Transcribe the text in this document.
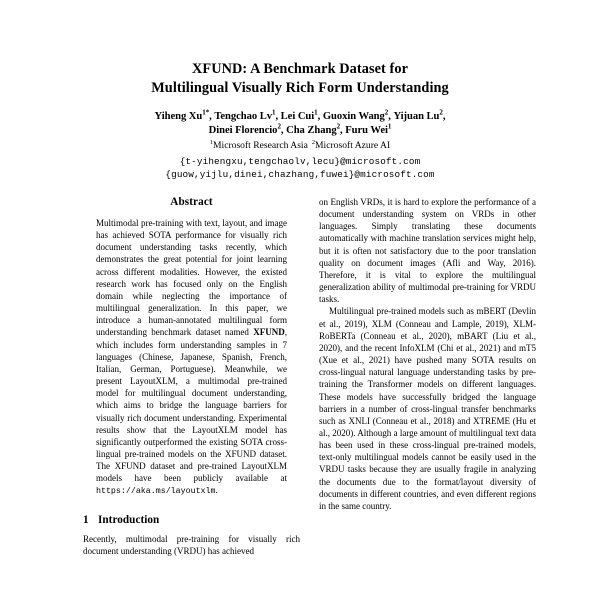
XFUND: A Benchmark Dataset for
Multilingual Visually Rich Form Understanding
Yiheng $Xu^{1*}$, Tengchao Lv$^1$, Lei Cui$^1$, Guoxin Wang$^2$, Yijuan Lu$^2$,
Dinei Florencio$^2$, Cha Zhang$^2$, Furu Wei$^1$
$^1$Microsoft Research Asia $^2$Microsoft Azure AI
{t-yihengxu,tengchaolv,lecu}@microsoft.com
{guow,yijlu,dinei,chazhang,fuwei}@microsoft.com
Abstract

Multimodal pre-training with text, layout, and image has achieved SOTA performance for visually rich document understanding tasks recently, which demonstrates the great potential for joint learning across different modalities. However, the existed research work has focused only on the English domain while neglecting the importance of multilingual generalization. In this paper, we introduce a human-annotated multilingual form understanding benchmark dataset named XFUND, which includes form understanding samples in 7 languages (Chinese, Japanese, Spanish, French, Italian, German, Portuguese). Meanwhile, we present LayoutXLM, a multimodal pre-trained model for multilingual document understanding, which aims to bridge the language barriers for visually rich document understanding. Experimental results show that the LayoutXLM model has significantly outperformed the existing SOTA cross-lingual pre-trained models on the XFUND dataset. The XFUND dataset and pre-trained LayoutXLM models have been publicly available at https://aka.ms/layoutxlm.

1 Introduction

Recently, multimodal pre-training for visually rich document understanding (VRDU) has achieved

on English VRDs, it is hard to explore the performance of a document understanding system on VRDs in other languages. Simply translating these documents automatically with machine translation services might help, but it is often not satisfactory due to the poor translation quality on document images (Afli and Way, 2016). Therefore, it is vital to explore the multilingual generalization ability of multimodal pre-training for VRDU tasks.

Multilingual pre-trained models such as mBERT (Devlin et al., 2019), XLM (Conneau and Lample, 2019), XLM-RoBERTa (Conneau et al., 2020), mBART (Liu et al., 2020), and the recent InfoXLM (Chi et al., 2021) and mT5 (Xue et al., 2021) have pushed many SOTA results on cross-lingual natural language understanding tasks by pre-training the Transformer models on different languages. These models have successfully bridged the language barriers in a number of cross-lingual transfer benchmarks such as XNLI (Conneau et al., 2018) and XTREME (Hu et al., 2020). Although a large amount of multilingual text data has been used in these cross-lingual pre-trained models, text-only multilingual models cannot be easily used in the VRDU tasks because they are usually fragile in analyzing the documents due to the format/layout diversity of documents in different countries, and even different regions in the same country.
